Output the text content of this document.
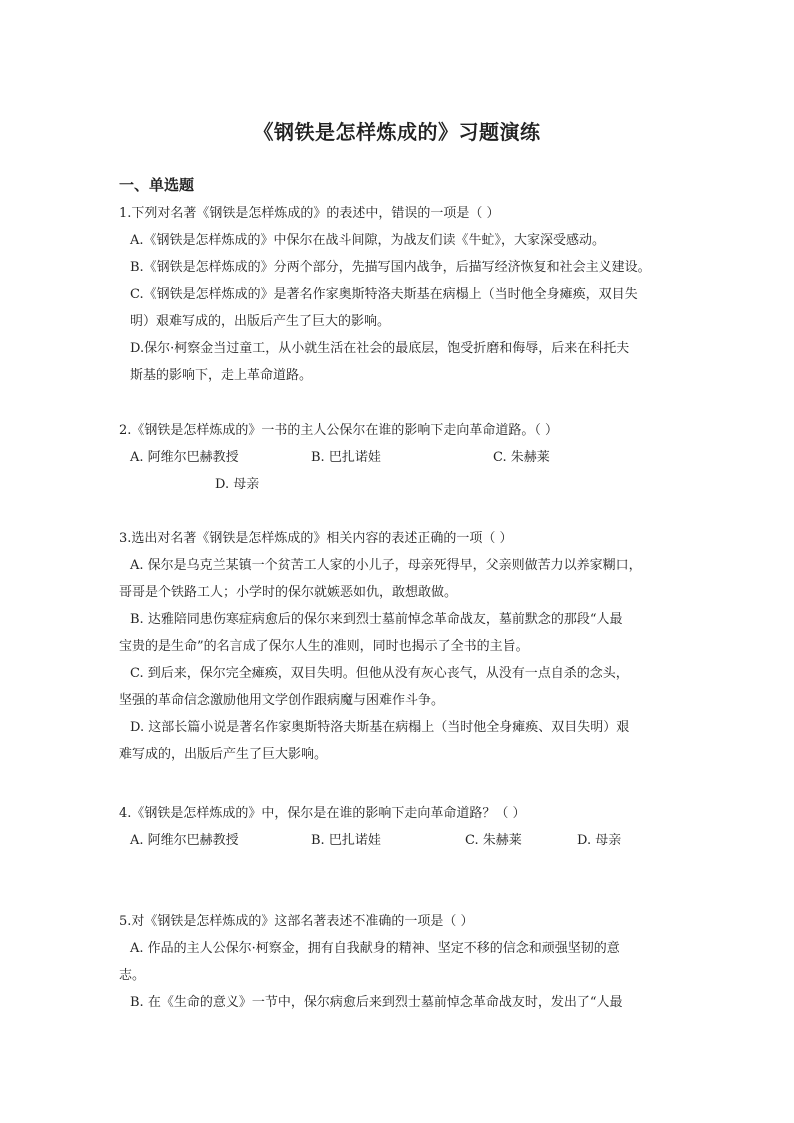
《钢铁是怎样炼成的》习题演练
一、单选题
1.下列对名著《钢铁是怎样炼成的》的表述中，错误的一项是（ ）
A.《钢铁是怎样炼成的》中保尔在战斗间隙，为战友们读《牛虻》，大家深受感动。
B.《钢铁是怎样炼成的》分两个部分，先描写国内战争，后描写经济恢复和社会主义建设。
C.《钢铁是怎样炼成的》是著名作家奥斯特洛夫斯基在病榻上（当时他全身瘫痪，双目失
明）艰难写成的，出版后产生了巨大的影响。
D.保尔·柯察金当过童工，从小就生活在社会的最底层，饱受折磨和侮辱，后来在科托夫
斯基的影响下，走上革命道路。
2.《钢铁是怎样炼成的》一书的主人公保尔在谁的影响下走向革命道路。（ ）
A. 阿维尔巴赫教授	B. 巴扎诺娃	C. 朱赫莱
D. 母亲
3.选出对名著《钢铁是怎样炼成的》相关内容的表述正确的一项（ ）
A. 保尔是乌克兰某镇一个贫苦工人家的小儿子，母亲死得早，父亲则做苦力以养家糊口，
哥哥是个铁路工人；小学时的保尔就嫉恶如仇，敢想敢做。
B. 达雅陪同患伤寒症病愈后的保尔来到烈士墓前悼念革命战友，墓前默念的那段“人最
宝贵的是生命”的名言成了保尔人生的准则，同时也揭示了全书的主旨。
C. 到后来，保尔完全瘫痪，双目失明。但他从没有灰心丧气，从没有一点自杀的念头，
坚强的革命信念激励他用文学创作跟病魔与困难作斗争。
D. 这部长篇小说是著名作家奥斯特洛夫斯基在病榻上（当时他全身瘫痪、双目失明）艰
难写成的，出版后产生了巨大影响。
4.《钢铁是怎样炼成的》中，保尔是在谁的影响下走向革命道路？（ ）
A. 阿维尔巴赫教授	B. 巴扎诺娃	C. 朱赫莱	D. 母亲
5.对《钢铁是怎样炼成的》这部名著表述不准确的一项是（ ）
A. 作品的主人公保尔·柯察金，拥有自我献身的精神、坚定不移的信念和顽强坚韧的意
志。
B. 在《生命的意义》一节中，保尔病愈后来到烈士墓前悼念革命战友时，发出了“人最
